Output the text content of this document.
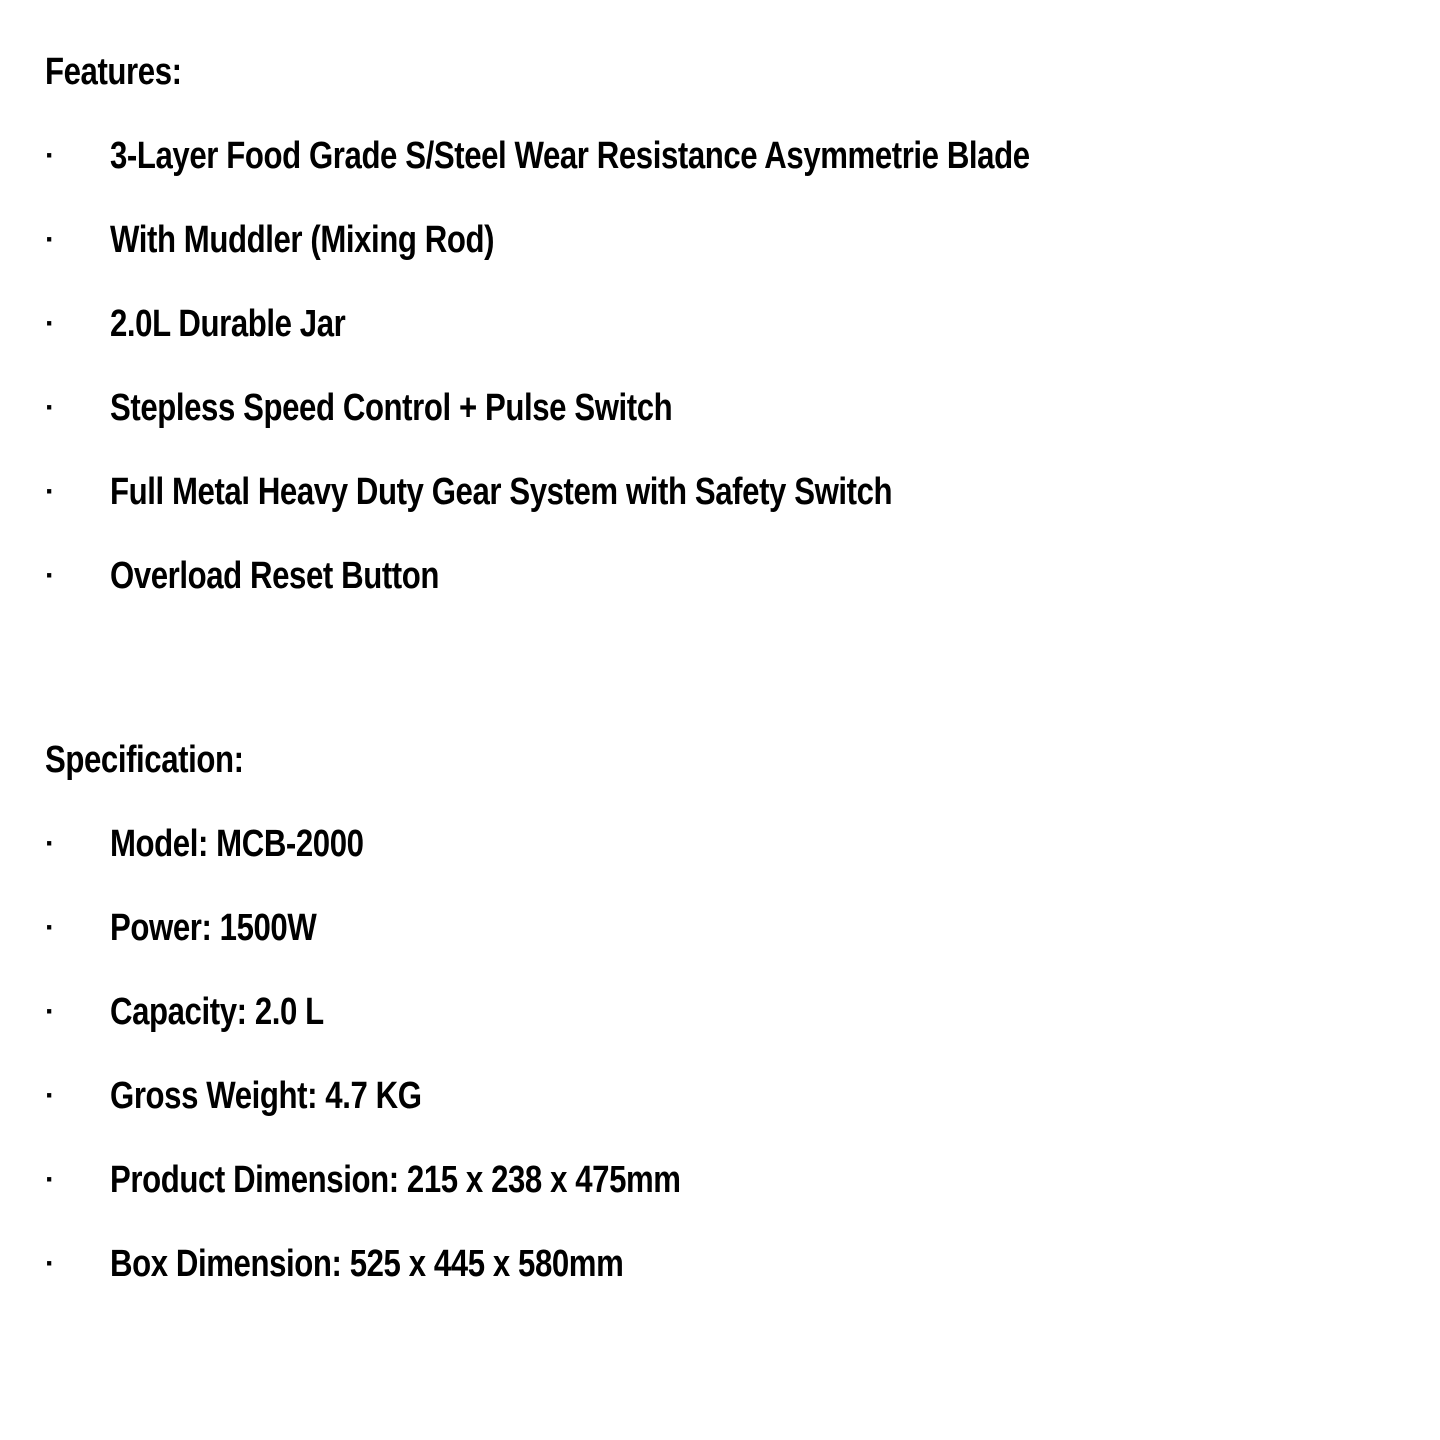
Features:
·	3-Layer Food Grade S/Steel Wear Resistance Asymmetrie Blade
·	With Muddler (Mixing Rod)
·	2.0L Durable Jar
·	Stepless Speed Control + Pulse Switch
·	Full Metal Heavy Duty Gear System with Safety Switch
·	Overload Reset Button
Specification:
·	Model: MCB-2000
·	Power: 1500W
·	Capacity: 2.0 L
·	Gross Weight: 4.7 KG
·	Product Dimension: 215 x 238 x 475mm
·	Box Dimension: 525 x 445 x 580mm
